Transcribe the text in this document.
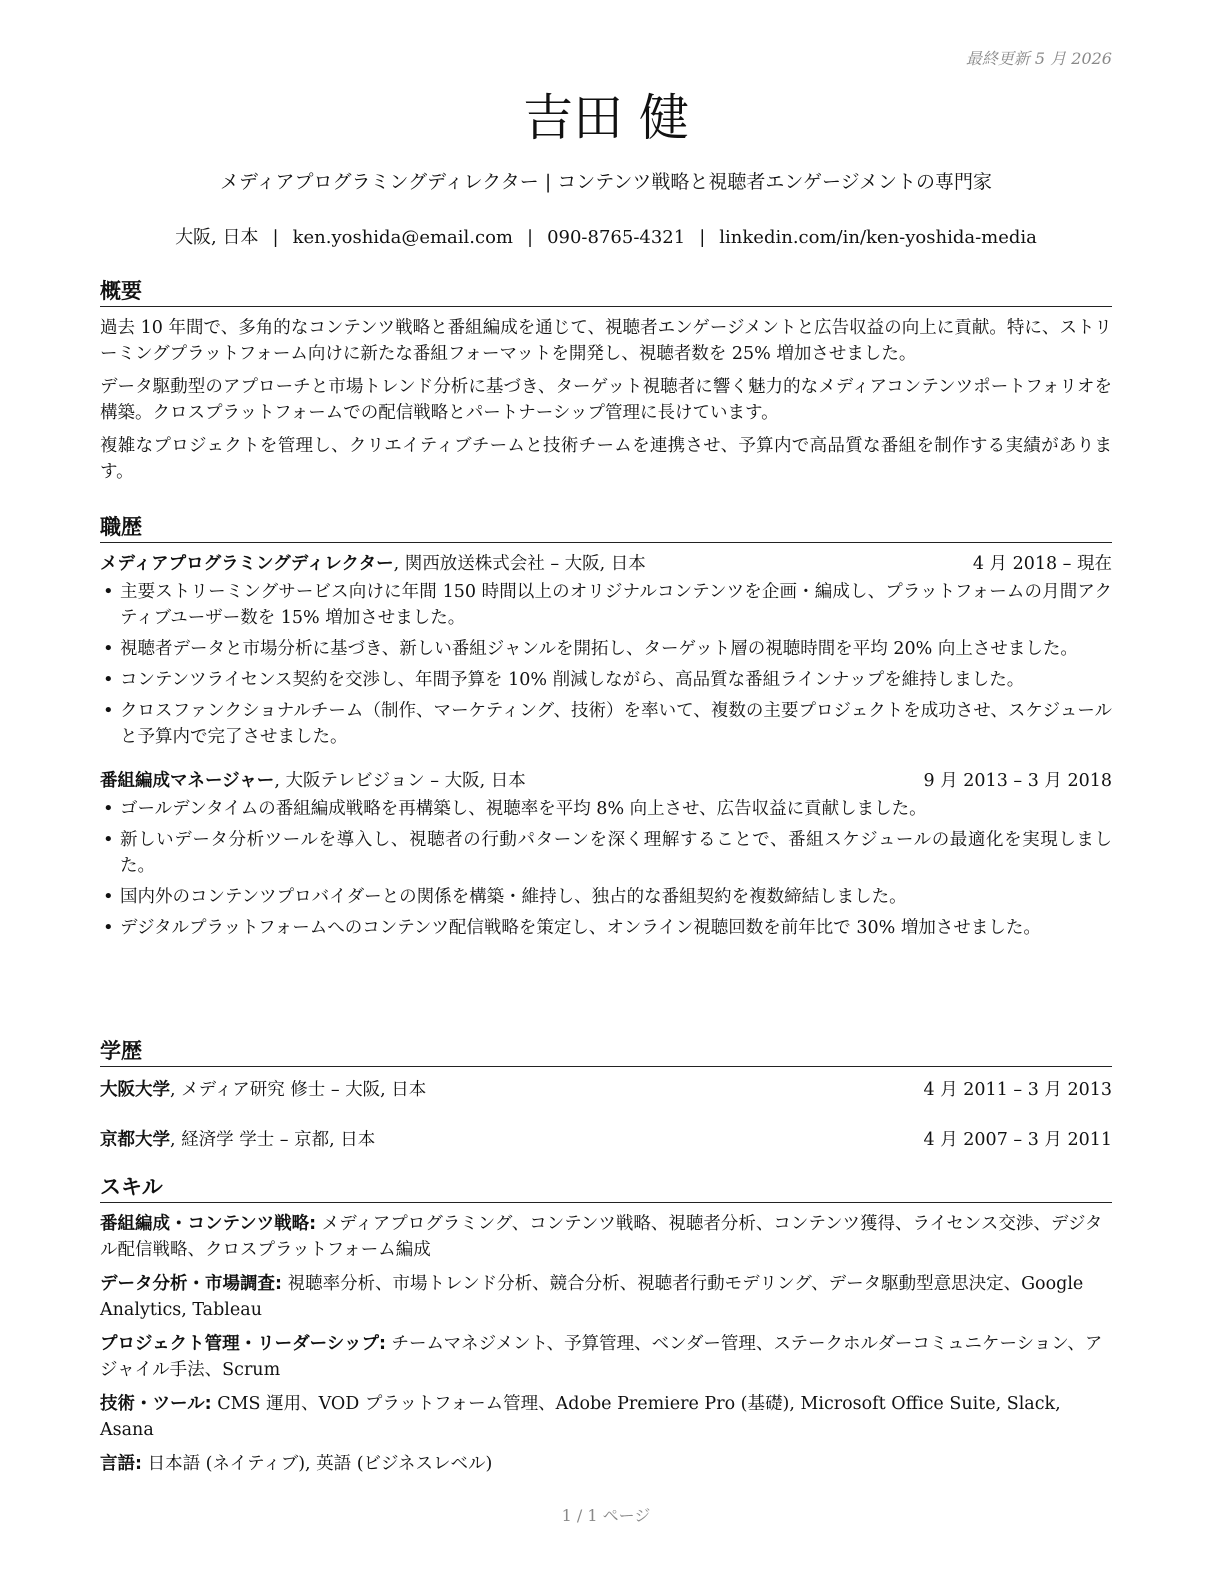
最終更新 5 月 2026
吉田 健
メディアプログラミングディレクター | コンテンツ戦略と視聴者エンゲージメントの専門家
大阪, 日本 | ken.yoshida@email.com | 090-8765-4321 | linkedin.com/in/ken-yoshida-media
概要

過去 10 年間で、多角的なコンテンツ戦略と番組編成を通じて、視聴者エンゲージメントと広告収益の向上に貢献。特に、ストリーミングプラットフォーム向けに新たな番組フォーマットを開発し、視聴者数を 25% 増加させました。

データ駆動型のアプローチと市場トレンド分析に基づき、ターゲット視聴者に響く魅力的なメディアコンテンツポートフォリオを構築。クロスプラットフォームでの配信戦略とパートナーシップ管理に長けています。

複雑なプロジェクトを管理し、クリエイティブチームと技術チームを連携させ、予算内で高品質な番組を制作する実績があります。

職歴
メディアプログラミングディレクター, 関西放送株式会社 – 大阪, 日本	4 月 2018 – 現在
• 主要ストリーミングサービス向けに年間 150 時間以上のオリジナルコンテンツを企画・編成し、プラットフォームの月間アクティブユーザー数を 15% 増加させました。
• 視聴者データと市場分析に基づき、新しい番組ジャンルを開拓し、ターゲット層の視聴時間を平均 20% 向上させました。
• コンテンツライセンス契約を交渉し、年間予算を 10% 削減しながら、高品質な番組ラインナップを維持しました。
• クロスファンクショナルチーム（制作、マーケティング、技術）を率いて、複数の主要プロジェクトを成功させ、スケジュールと予算内で完了させました。
番組編成マネージャー, 大阪テレビジョン – 大阪, 日本	9 月 2013 – 3 月 2018
• ゴールデンタイムの番組編成戦略を再構築し、視聴率を平均 8% 向上させ、広告収益に貢献しました。
• 新しいデータ分析ツールを導入し、視聴者の行動パターンを深く理解することで、番組スケジュールの最適化を実現しました。
• 国内外のコンテンツプロバイダーとの関係を構築・維持し、独占的な番組契約を複数締結しました。
• デジタルプラットフォームへのコンテンツ配信戦略を策定し、オンライン視聴回数を前年比で 30% 増加させました。
学歴
大阪大学, メディア研究 修士 – 大阪, 日本	4 月 2011 – 3 月 2013
京都大学, 経済学 学士 – 京都, 日本	4 月 2007 – 3 月 2011
スキル

番組編成・コンテンツ戦略: メディアプログラミング、コンテンツ戦略、視聴者分析、コンテンツ獲得、ライセンス交渉、デジタル配信戦略、クロスプラットフォーム編成

データ分析・市場調査: 視聴率分析、市場トレンド分析、競合分析、視聴者行動モデリング、データ駆動型意思決定、Google Analytics, Tableau

プロジェクト管理・リーダーシップ: チームマネジメント、予算管理、ベンダー管理、ステークホルダーコミュニケーション、アジャイル手法、Scrum

技術・ツール: CMS 運用、VOD プラットフォーム管理、Adobe Premiere Pro (基礎), Microsoft Office Suite, Slack, Asana

言語: 日本語 (ネイティブ), 英語 (ビジネスレベル)

1 / 1 ページ
